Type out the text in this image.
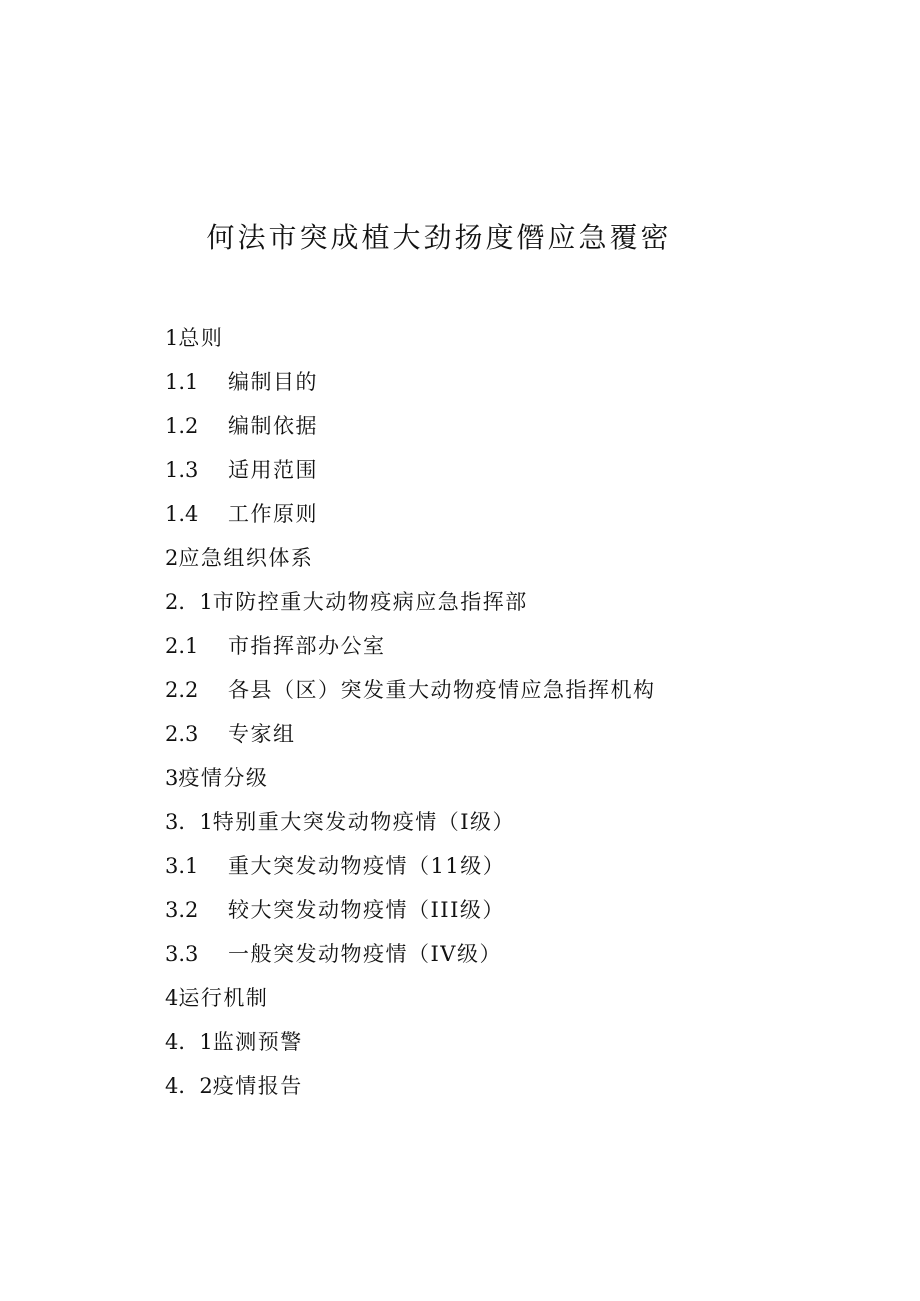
何法市突成植大劲扬度僭应急覆密
1总则
1.1 编制目的
1.2 编制依据
1.3 适用范围
1.4 工作原则
2应急组织体系
2．1市防控重大动物疫病应急指挥部
2.1 市指挥部办公室
2.2 各县（区）突发重大动物疫情应急指挥机构
2.3 专家组
3疫情分级
3．1特别重大突发动物疫情（I级）
3.1 重大突发动物疫情（11级）
3.2 较大突发动物疫情（III级）
3.3 一般突发动物疫情（IV级）
4运行机制
4．1监测预警
4．2疫情报告
